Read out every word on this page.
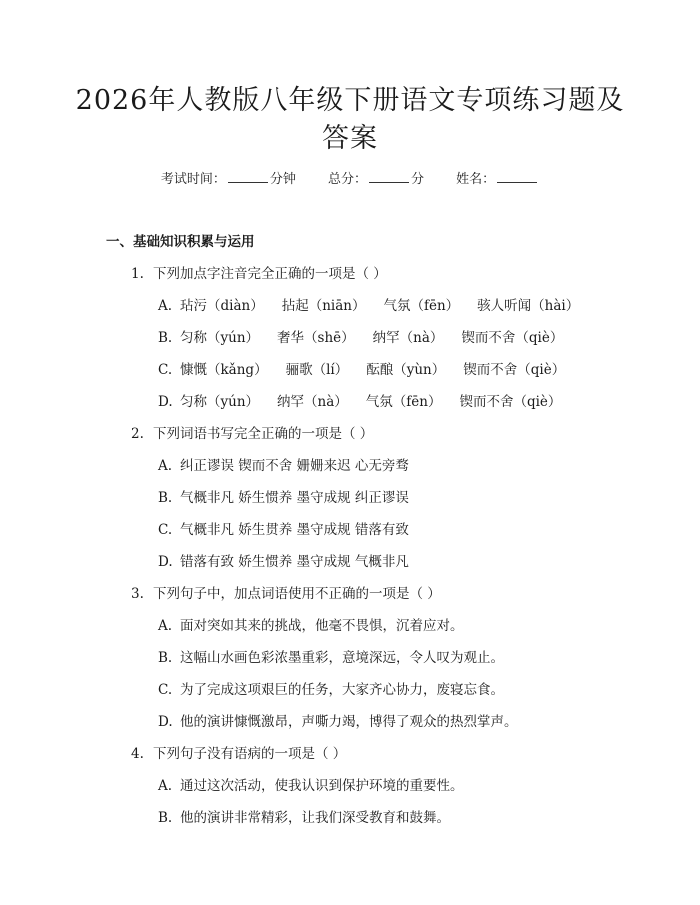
2026年人教版八年级下册语文专项练习题及
答案
考试时间：	分钟 总分：	分 姓名：
一、基础知识积累与运用
1. 下列加点字注音完全正确的一项是（ ）
A. 玷污（diàn） 拈起（niān） 气氛（fēn） 骇人听闻（hài）
B. 匀称（yún） 奢华（shē） 纳罕（nà） 锲而不舍（qiè）
C. 慷慨（kǎng） 骊歌（lí） 酝酿（yùn） 锲而不舍（qiè）
D. 匀称（yún） 纳罕（nà） 气氛（fēn） 锲而不舍（qiè）
2. 下列词语书写完全正确的一项是（ ）
A. 纠正谬误 锲而不舍 姗姗来迟 心无旁骛
B. 气概非凡 娇生惯养 墨守成规 纠正谬误
C. 气概非凡 娇生贯养 墨守成规 错落有致
D. 错落有致 娇生惯养 墨守成规 气概非凡
3. 下列句子中，加点词语使用不正确的一项是（ ）
A. 面对突如其来的挑战，他毫不畏惧，沉着应对。
B. 这幅山水画色彩浓墨重彩，意境深远，令人叹为观止。
C. 为了完成这项艰巨的任务，大家齐心协力，废寝忘食。
D. 他的演讲慷慨激昂，声嘶力竭，博得了观众的热烈掌声。
4. 下列句子没有语病的一项是（ ）
A. 通过这次活动，使我认识到保护环境的重要性。
B. 他的演讲非常精彩，让我们深受教育和鼓舞。
